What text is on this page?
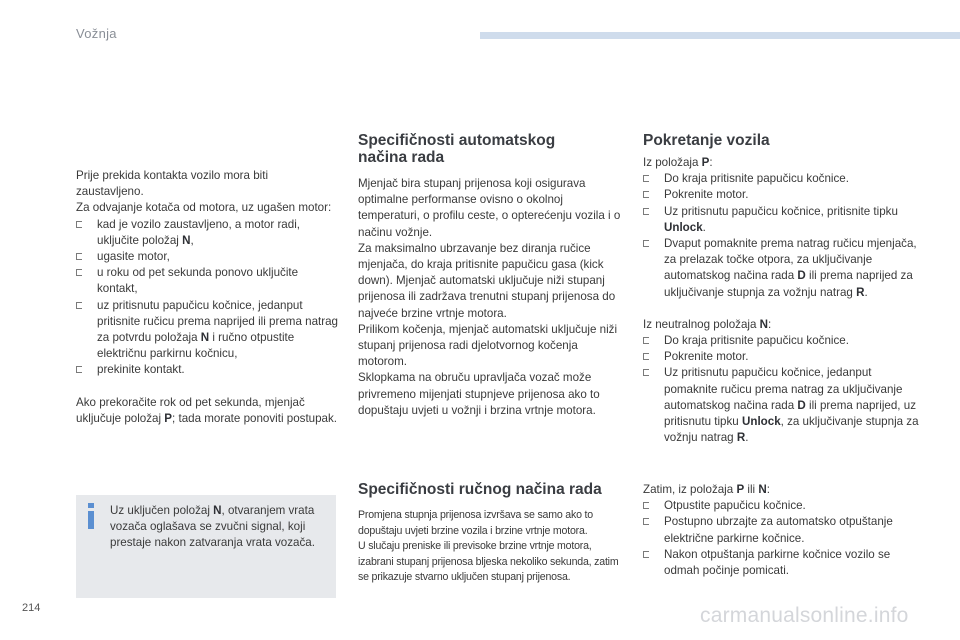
Vožnja

Prije prekida kontakta vozilo mora biti zaustavljeno.

Za odvajanje kotača od motora, uz ugašen motor:

kad je vozilo zaustavljeno, a motor radi, uključite položaj N,
ugasite motor,
u roku od pet sekunda ponovo uključite kontakt,
uz pritisnutu papučicu kočnice, jedanput pritisnite ručicu prema naprijed ili prema natrag za potvrdu položaja N i ručno otpustite električnu parkirnu kočnicu,
prekinite kontakt.

Ako prekoračite rok od pet sekunda, mjenjač uključuje položaj P; tada morate ponoviti postupak.

Uz uključen položaj N, otvaranjem vrata vozača oglašava se zvučni signal, koji prestaje nakon zatvaranja vrata vozača.
Specifičnosti automatskog načina rada

Mjenjač bira stupanj prijenosa koji osigurava optimalne performanse ovisno o okolnoj temperaturi, o profilu ceste, o opterećenju vozila i o načinu vožnje.

Za maksimalno ubrzavanje bez diranja ručice mjenjača, do kraja pritisnite papučicu gasa (kick down). Mjenjač automatski uključuje niži stupanj prijenosa ili zadržava trenutni stupanj prijenosa do najveće brzine vrtnje motora.

Prilikom kočenja, mjenjač automatski uključuje niži stupanj prijenosa radi djelotvornog kočenja motorom.

Sklopkama na obruču upravljača vozač može privremeno mijenjati stupnjeve prijenosa ako to dopuštaju uvjeti u vožnji i brzina vrtnje motora.

Specifičnosti ručnog načina rada

Promjena stupnja prijenosa izvršava se samo ako to dopuštaju uvjeti brzine vozila i brzine vrtnje motora.

U slučaju preniske ili previsoke brzine vrtnje motora, izabrani stupanj prijenosa bljeska nekoliko sekunda, zatim se prikazuje stvarno uključen stupanj prijenosa.

Pokretanje vozila

Iz položaja P:

Do kraja pritisnite papučicu kočnice.
Pokrenite motor.
Uz pritisnutu papučicu kočnice, pritisnite tipku Unlock.
Dvaput pomaknite prema natrag ručicu mjenjača, za prelazak točke otpora, za uključivanje automatskog načina rada D ili prema naprijed za uključivanje stupnja za vožnju natrag R.

Iz neutralnog položaja N:

Do kraja pritisnite papučicu kočnice.
Pokrenite motor.
Uz pritisnutu papučicu kočnice, jedanput pomaknite ručicu prema natrag za uključivanje automatskog načina rada D ili prema naprijed, uz pritisnutu tipku Unlock, za uključivanje stupnja za vožnju natrag R.

Zatim, iz položaja P ili N:

Otpustite papučicu kočnice.
Postupno ubrzajte za automatsko otpuštanje električne parkirne kočnice.
Nakon otpuštanja parkirne kočnice vozilo se odmah počinje pomicati.
214	carmanualsonline.info
